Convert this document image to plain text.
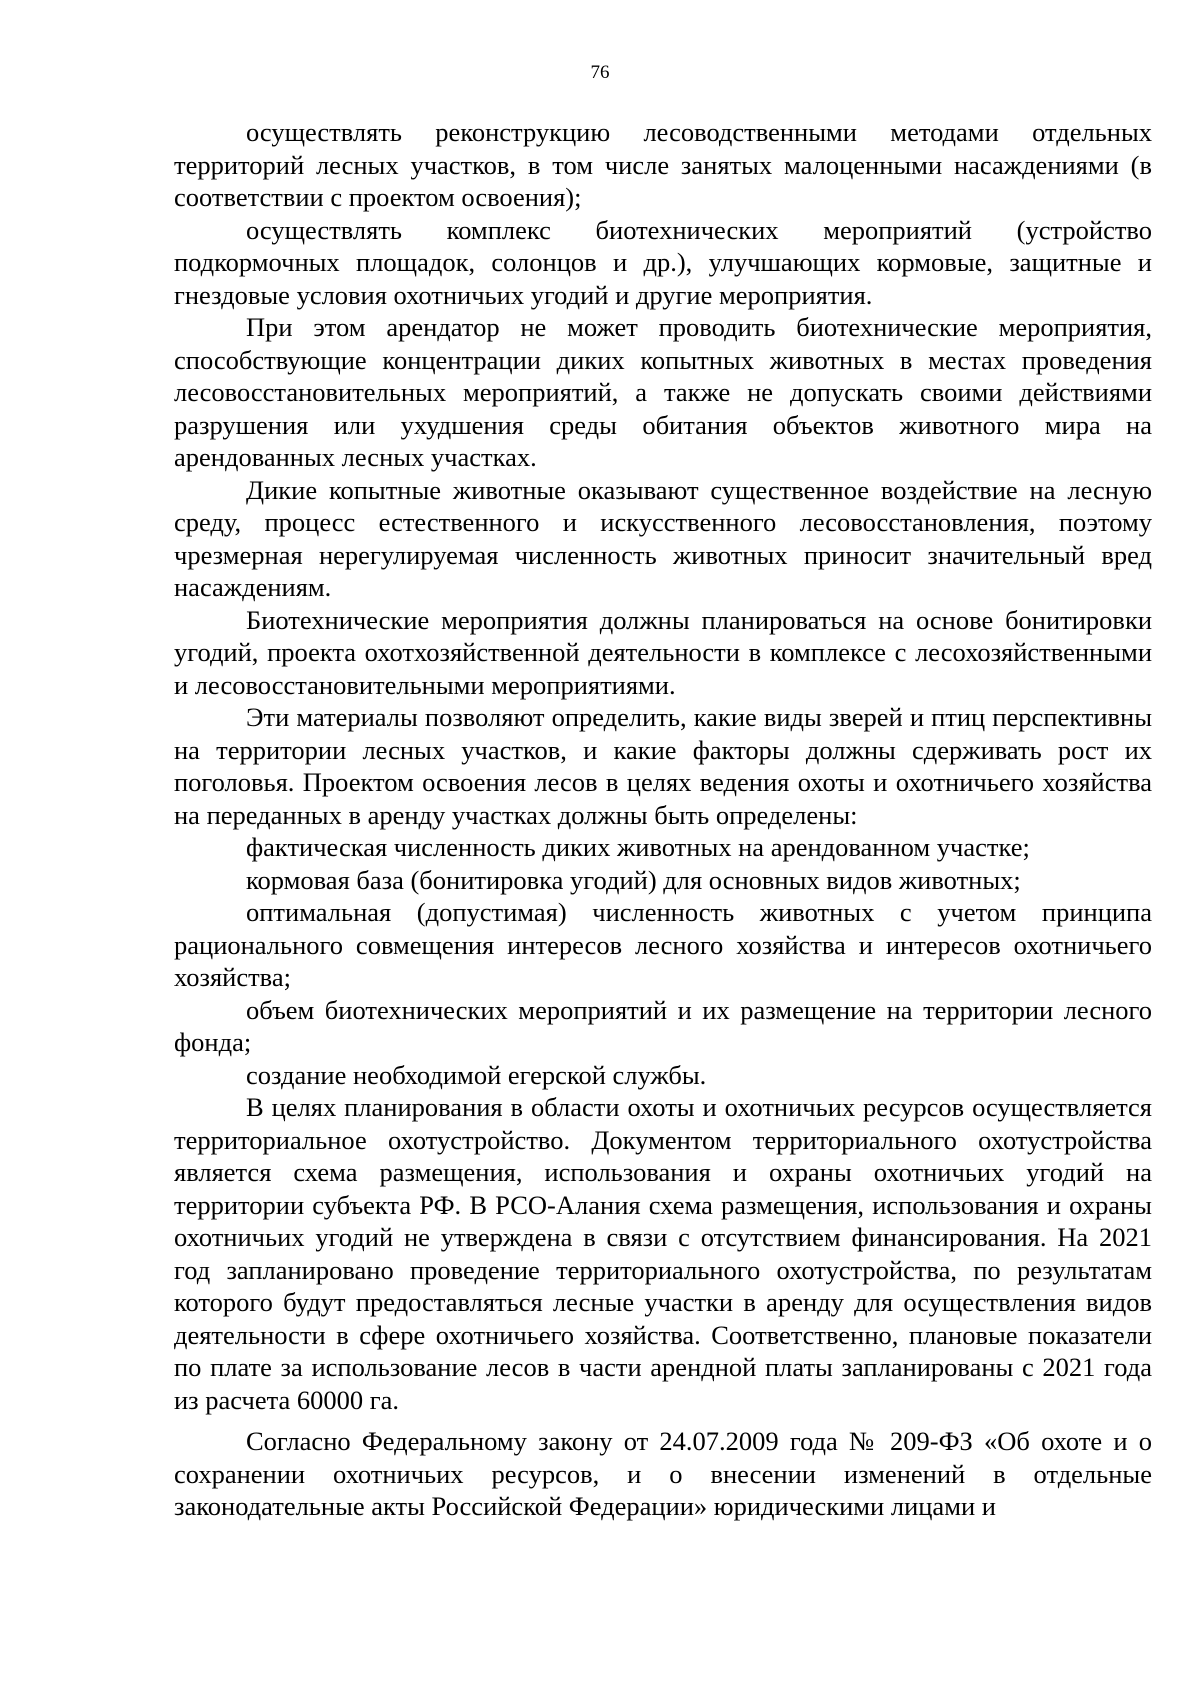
76

осуществлять реконструкцию лесоводственными методами отдельных территорий лесных участков, в том числе занятых малоценными насаждениями (в соответствии с проектом освоения);

осуществлять комплекс биотехнических мероприятий (устройство подкормочных площадок, солонцов и др.), улучшающих кормовые, защитные и гнездовые условия охотничьих угодий и другие мероприятия.

При этом арендатор не может проводить биотехнические мероприятия, способствующие концентрации диких копытных животных в местах проведения лесовосстановительных мероприятий, а также не допускать своими действиями разрушения или ухудшения среды обитания объектов животного мира на арендованных лесных участках.

Дикие копытные животные оказывают существенное воздействие на лесную среду, процесс естественного и искусственного лесовосстановления, поэтому чрезмерная нерегулируемая численность животных приносит значительный вред насаждениям.

Биотехнические мероприятия должны планироваться на основе бонитировки угодий, проекта охотхозяйственной деятельности в комплексе с лесохозяйственными и лесовосстановительными мероприятиями.

Эти материалы позволяют определить, какие виды зверей и птиц перспективны на территории лесных участков, и какие факторы должны сдерживать рост их поголовья. Проектом освоения лесов в целях ведения охоты и охотничьего хозяйства на переданных в аренду участках должны быть определены:

фактическая численность диких животных на арендованном участке;

кормовая база (бонитировка угодий) для основных видов животных;

оптимальная (допустимая) численность животных с учетом принципа рационального совмещения интересов лесного хозяйства и интересов охотничьего хозяйства;

объем биотехнических мероприятий и их размещение на территории лесного фонда;

создание необходимой егерской службы.

В целях планирования в области охоты и охотничьих ресурсов осуществляется территориальное охотустройство. Документом территориального охотустройства является схема размещения, использования и охраны охотничьих угодий на территории субъекта РФ. В РСО-Алания схема размещения, использования и охраны охотничьих угодий не утверждена в связи с отсутствием финансирования. На 2021 год запланировано проведение территориального охотустройства, по результатам которого будут предоставляться лесные участки в аренду для осуществления видов деятельности в сфере охотничьего хозяйства. Соответственно, плановые показатели по плате за использование лесов в части арендной платы запланированы с 2021 года из расчета 60000 га.

Согласно Федеральному закону от 24.07.2009 года № 209-ФЗ «Об охоте и о сохранении охотничьих ресурсов, и о внесении изменений в отдельные законодательные акты Российской Федерации» юридическими лицами и
